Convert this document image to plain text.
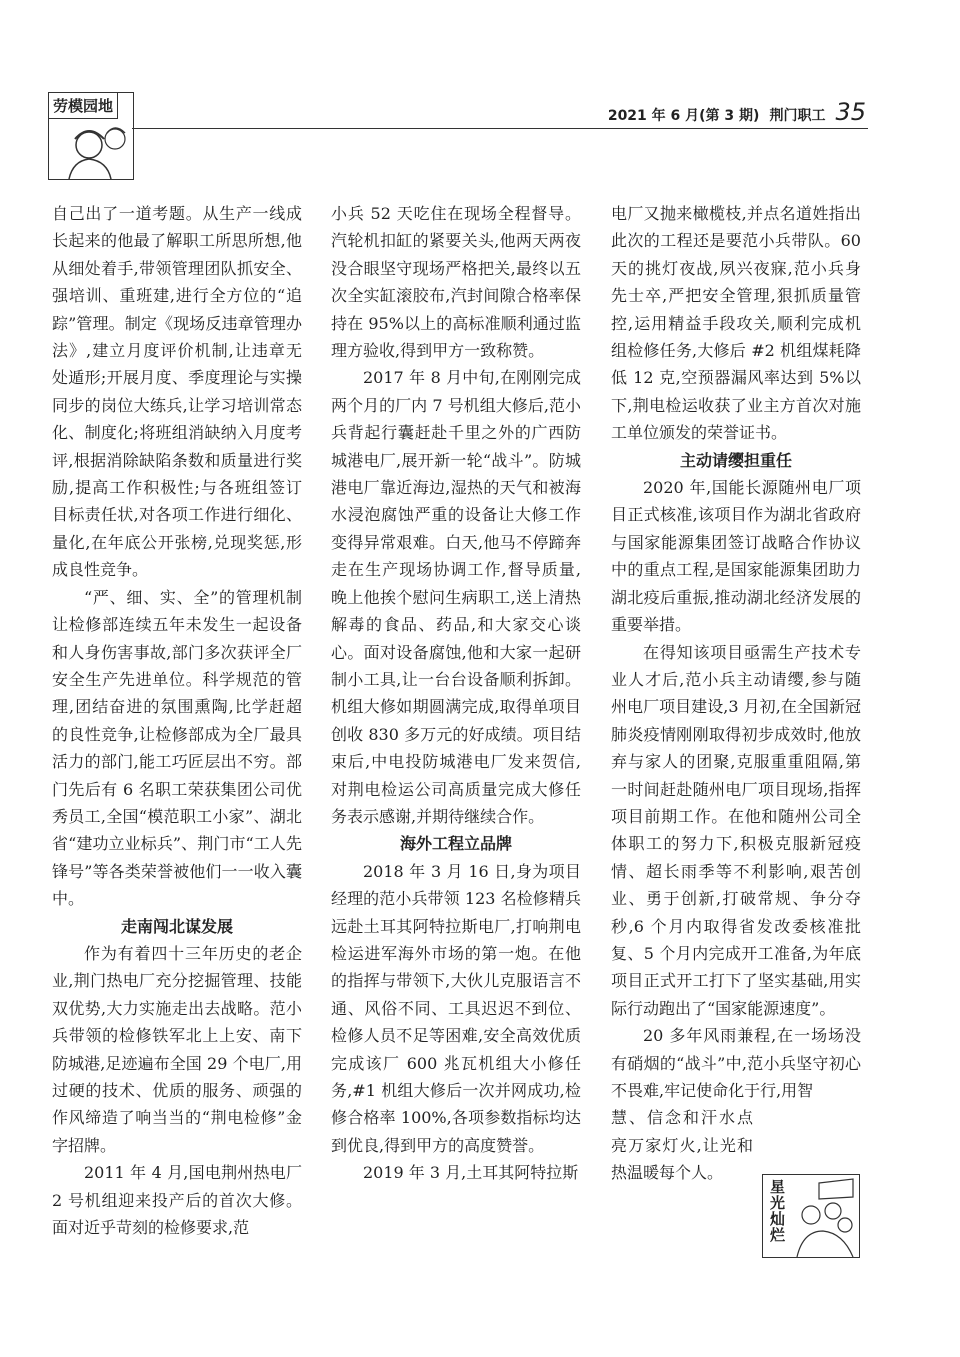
劳模园地
2021 年 6 月(第 3 期) 荆门职工 35

自己出了一道考题。从生产一线成长起来的他最了解职工所思所想,他从细处着手,带领管理团队抓安全、强培训、重班建,进行全方位的“追踪”管理。制定《现场反违章管理办法》,建立月度评价机制,让违章无处遁形;开展月度、季度理论与实操同步的岗位大练兵,让学习培训常态化、制度化;将班组消缺纳入月度考评,根据消除缺陷条数和质量进行奖励,提高工作积极性;与各班组签订目标责任状,对各项工作进行细化、量化,在年底公开张榜,兑现奖惩,形成良性竞争。

“严、细、实、全”的管理机制让检修部连续五年未发生一起设备和人身伤害事故,部门多次获评全厂安全生产先进单位。科学规范的管理,团结奋进的氛围熏陶,比学赶超的良性竞争,让检修部成为全厂最具活力的部门,能工巧匠层出不穷。部门先后有 6 名职工荣获集团公司优秀员工,全国“模范职工小家”、湖北省“建功立业标兵”、荆门市“工人先锋号”等各类荣誉被他们一一收入囊中。

走南闯北谋发展

作为有着四十三年历史的老企业,荆门热电厂充分挖掘管理、技能双优势,大力实施走出去战略。范小兵带领的检修铁军北上上安、南下防城港,足迹遍布全国 29 个电厂,用过硬的技术、优质的服务、顽强的作风缔造了响当当的“荆电检修”金字招牌。

2011 年 4 月,国电荆州热电厂 2 号机组迎来投产后的首次大修。面对近乎苛刻的检修要求,范

小兵 52 天吃住在现场全程督导。汽轮机扣缸的紧要关头,他两天两夜没合眼坚守现场严格把关,最终以五次全实缸滚胶布,汽封间隙合格率保持在 95%以上的高标准顺利通过监理方验收,得到甲方一致称赞。

2017 年 8 月中旬,在刚刚完成两个月的厂内 7 号机组大修后,范小兵背起行囊赶赴千里之外的广西防城港电厂,展开新一轮“战斗”。防城港电厂靠近海边,湿热的天气和被海水浸泡腐蚀严重的设备让大修工作变得异常艰难。白天,他马不停蹄奔走在生产现场协调工作,督导质量,晚上他挨个慰问生病职工,送上清热解毒的食品、药品,和大家交心谈心。面对设备腐蚀,他和大家一起研制小工具,让一台台设备顺利拆卸。机组大修如期圆满完成,取得单项目创收 830 多万元的好成绩。项目结束后,中电投防城港电厂发来贺信,对荆电检运公司高质量完成大修任务表示感谢,并期待继续合作。

海外工程立品牌

2018 年 3 月 16 日,身为项目经理的范小兵带领 123 名检修精兵远赴土耳其阿特拉斯电厂,打响荆电检运进军海外市场的第一炮。在他的指挥与带领下,大伙儿克服语言不通、风俗不同、工具迟迟不到位、检修人员不足等困难,安全高效优质完成该厂 600 兆瓦机组大小修任务,#1 机组大修后一次并网成功,检修合格率 100%,各项参数指标均达到优良,得到甲方的高度赞誉。

2019 年 3 月,土耳其阿特拉斯

电厂又抛来橄榄枝,并点名道姓指出此次的工程还是要范小兵带队。60 天的挑灯夜战,夙兴夜寐,范小兵身先士卒,严把安全管理,狠抓质量管控,运用精益手段攻关,顺利完成机组检修任务,大修后 #2 机组煤耗降低 12 克,空预器漏风率达到 5%以下,荆电检运收获了业主方首次对施工单位颁发的荣誉证书。

主动请缨担重任

2020 年,国能长源随州电厂项目正式核准,该项目作为湖北省政府与国家能源集团签订战略合作协议中的重点工程,是国家能源集团助力湖北疫后重振,推动湖北经济发展的重要举措。

在得知该项目亟需生产技术专业人才后,范小兵主动请缨,参与随州电厂项目建设,3 月初,在全国新冠肺炎疫情刚刚取得初步成效时,他放弃与家人的团聚,克服重重阻隔,第一时间赶赴随州电厂项目现场,指挥项目前期工作。在他和随州公司全体职工的努力下,积极克服新冠疫情、超长雨季等不利影响,艰苦创业、勇于创新,打破常规、争分夺秒,6 个月内取得省发改委核准批复、5 个月内完成开工准备,为年底项目正式开工打下了坚实基础,用实际行动跑出了“国家能源速度”。

20 多年风雨兼程,在一场场没有硝烟的“战斗”中,范小兵坚守初心不畏难,牢记使命化于行,用智

慧、信念和汗水点亮万家灯火,让光和热温暖每个人。

星光灿烂
